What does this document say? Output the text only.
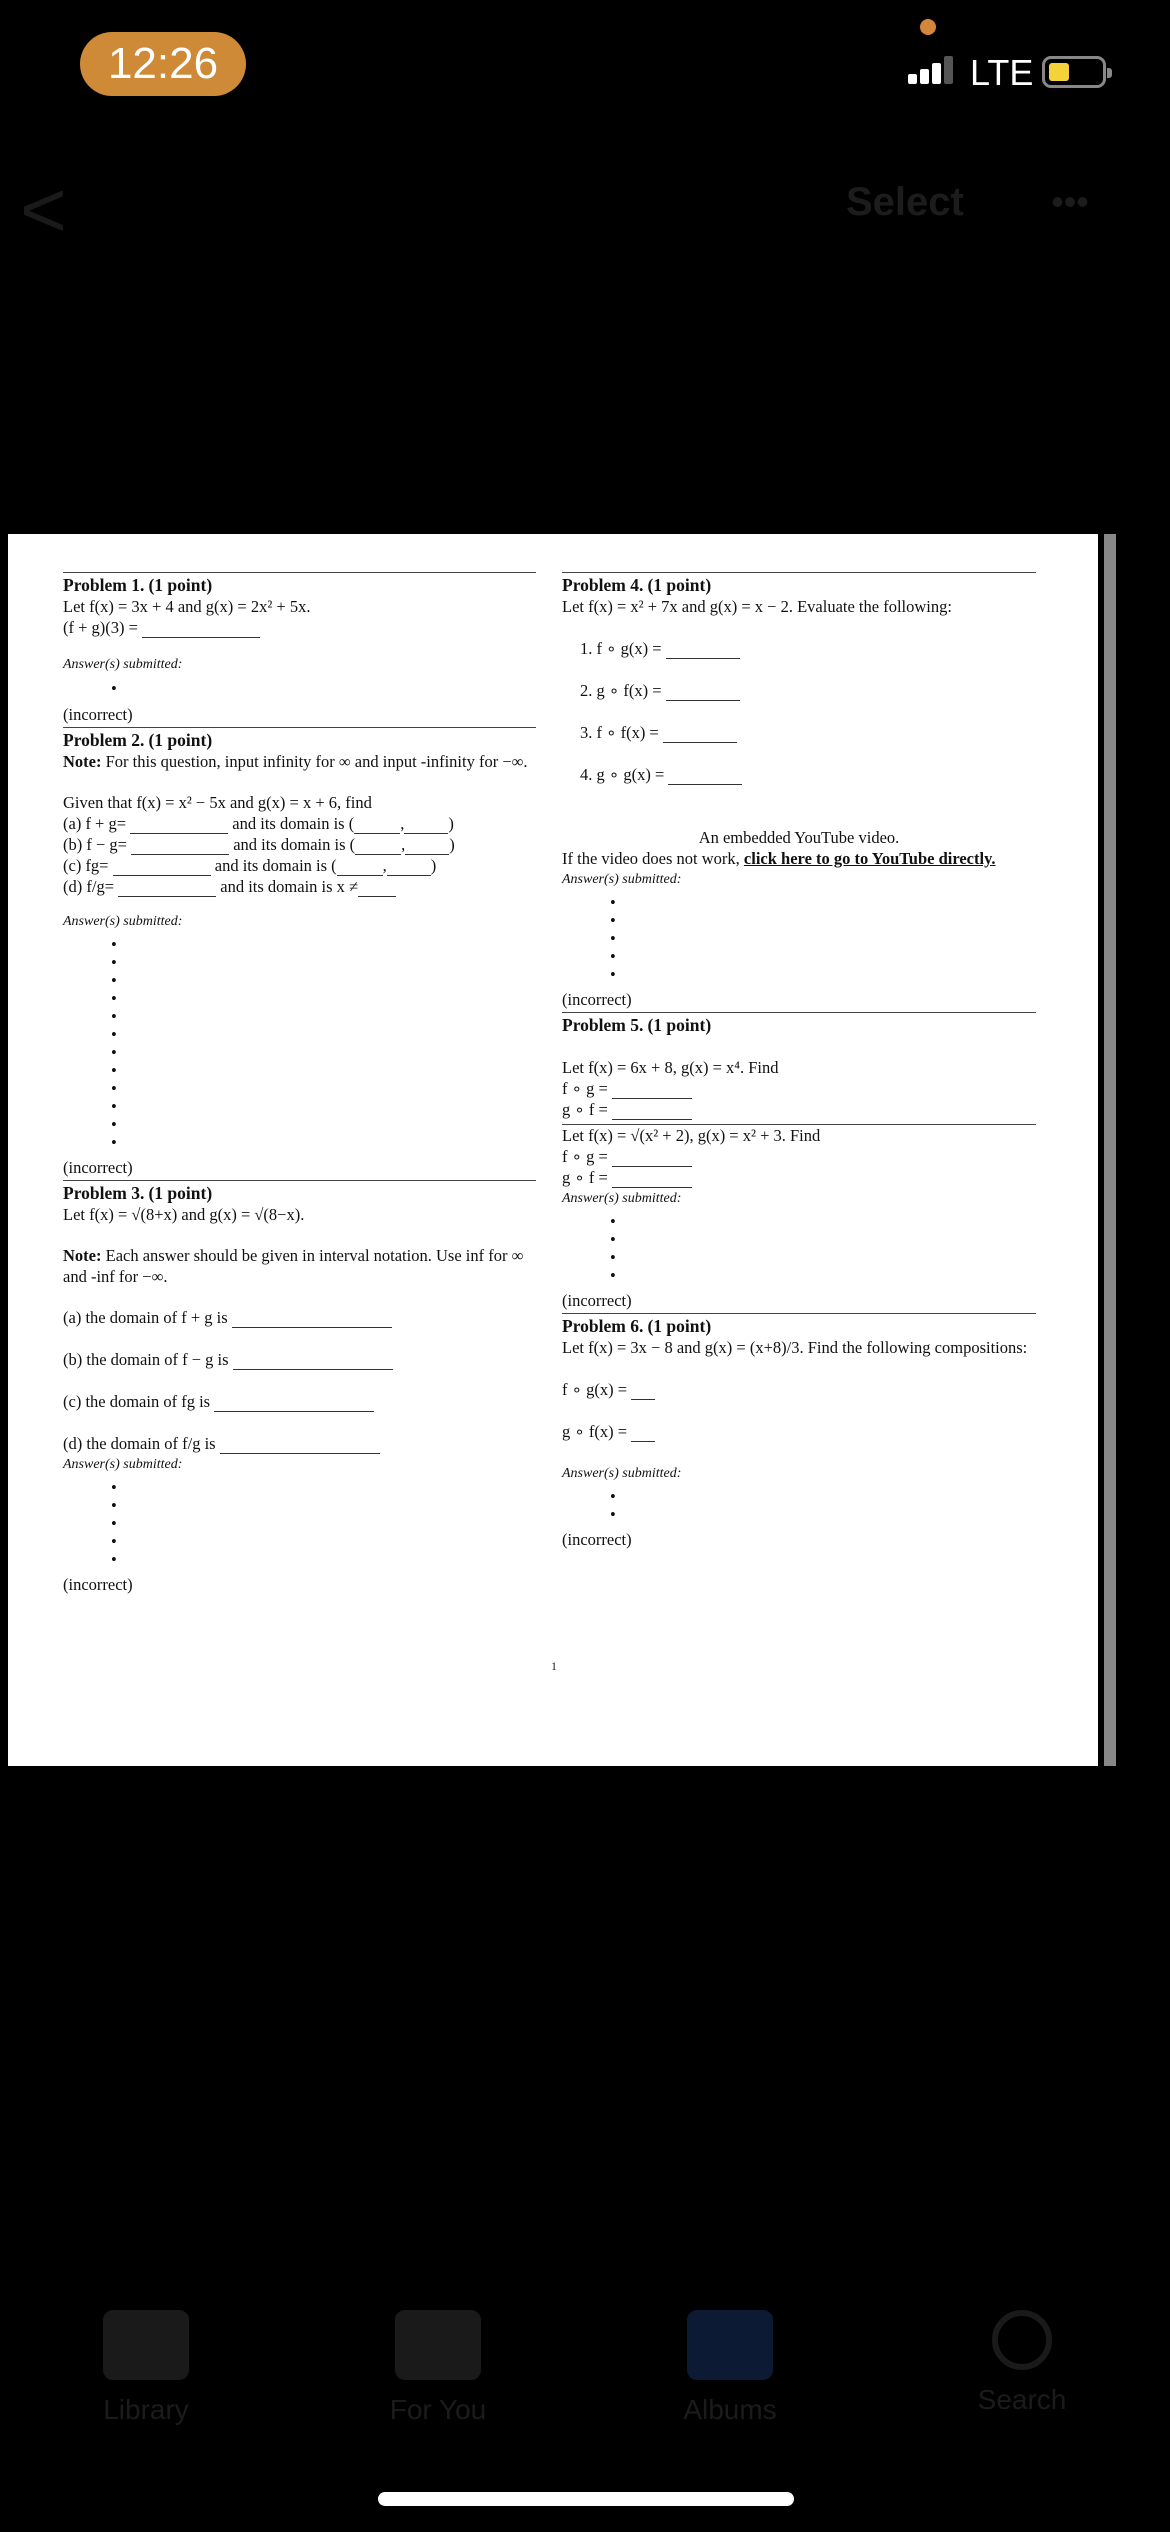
12:26	LTE
<	Select	•••
Problem 1. (1 point)
Let f(x) = 3x + 4 and g(x) = 2x² + 5x.
(f + g)(3) =
Answer(s) submitted:
•
(incorrect)
Problem 2. (1 point)
Note: For this question, input infinity for ∞ and input -infinity for −∞.
Given that f(x) = x² − 5x and g(x) = x + 6, find
(a) f + g=	and its domain is (	,	)
(b) f − g=	and its domain is (	,	)
(c) fg=	and its domain is (	,	)
(d) f/g=	and its domain is x ≠
Answer(s) submitted:
•
•
•
•
•
•
•
•
•
•
•
•
(incorrect)
Problem 3. (1 point)
Let f(x) = √(8+x) and g(x) = √(8−x).
Note: Each answer should be given in interval notation. Use inf for ∞ and -inf for −∞.
(a) the domain of f + g is
(b) the domain of f − g is
(c) the domain of fg is
(d) the domain of f/g is
Answer(s) submitted:
•
•
•
•
•
(incorrect)
Problem 4. (1 point)
Let f(x) = x² + 7x and g(x) = x − 2. Evaluate the following:
1. f ∘ g(x) =
2. g ∘ f(x) =
3. f ∘ f(x) =
4. g ∘ g(x) =
An embedded YouTube video.
If the video does not work, click here to go to YouTube directly.
Answer(s) submitted:
•
•
•
•
•
(incorrect)
Problem 5. (1 point)
Let f(x) = 6x + 8, g(x) = x⁴. Find
f ∘ g =
g ∘ f =
Let f(x) = √(x² + 2), g(x) = x² + 3. Find
f ∘ g =
g ∘ f =
Answer(s) submitted:
•
•
•
•
(incorrect)
Problem 6. (1 point)
Let f(x) = 3x − 8 and g(x) = (x+8)/3. Find the following compositions:
f ∘ g(x) =
g ∘ f(x) =
Answer(s) submitted:
•
•
(incorrect)
1
Library	For You	Albums	Search
